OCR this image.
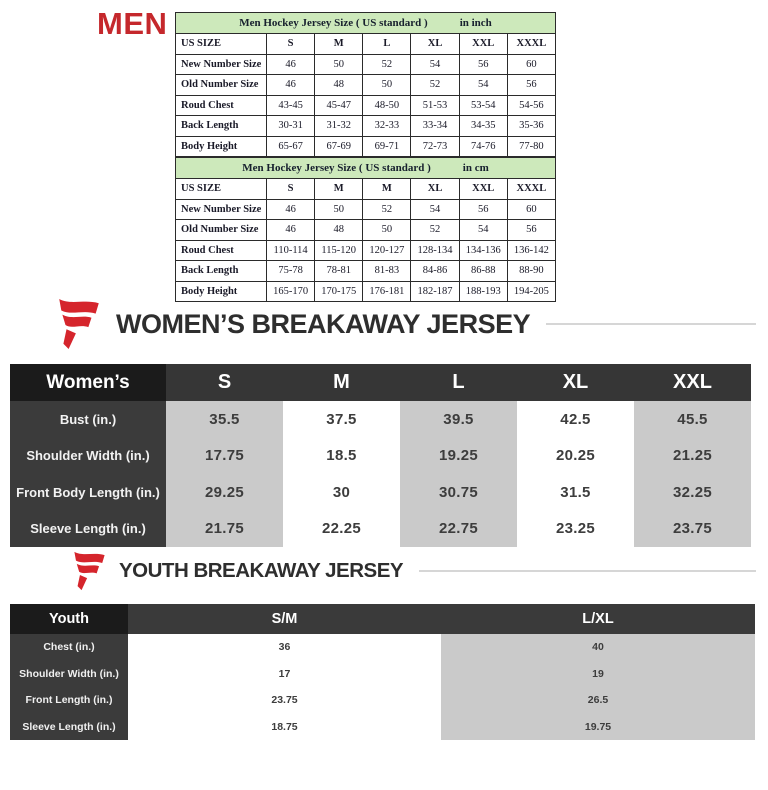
MEN	Men Hockey Jersey Size ( US standard ) in inch						
US SIZE	S	M	L	XL	XXL	XXXL
New Number Size	46	50	52	54	56	60
Old Number Size	46	48	50	52	54	56
Roud Chest	43-45	45-47	48-50	51-53	53-54	54-56
Back Length	30-31	31-32	32-33	33-34	34-35	35-36
Body Height	65-67	67-69	69-71	72-73	74-76	77-80
Men Hockey Jersey Size ( US standard ) in cm						
US SIZE	S	M	M	XL	XXL	XXXL
New Number Size	46	50	52	54	56	60
Old Number Size	46	48	50	52	54	56
Roud Chest	110-114	115-120	120-127	128-134	134-136	136-142
Back Length	75-78	78-81	81-83	84-86	86-88	88-90
Body Height	165-170	170-175	176-181	182-187	188-193	194-205
WOMEN’S BREAKAWAY JERSEY
Women’s	S	M	L	XL	XXL
Bust (in.)	35.5	37.5	39.5	42.5	45.5
Shoulder Width (in.)	17.75	18.5	19.25	20.25	21.25
Front Body Length (in.)	29.25	30	30.75	31.5	32.25
Sleeve Length (in.)	21.75	22.25	22.75	23.25	23.75
YOUTH BREAKAWAY JERSEY
Youth	S/M	L/XL
Chest (in.)	36	40
Shoulder Width (in.)	17	19
Front Length (in.)	23.75	26.5
Sleeve Length (in.)	18.75	19.75
